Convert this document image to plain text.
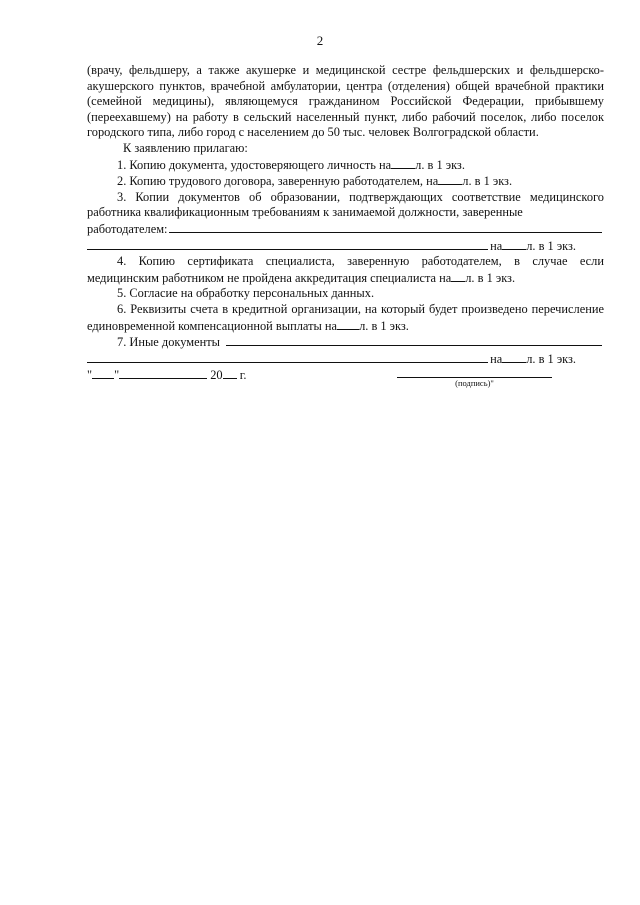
2
(врачу, фельдшеру, а также акушерке и медицинской сестре фельдшерских и фельдшерско-акушерского пунктов, врачебной амбулатории, центра (отделения) общей врачебной практики (семейной медицины), являющемуся гражданином Российской Федерации, прибывшему (переехавшему) на работу в сельский населенный пункт, либо рабочий поселок, либо поселок городского типа, либо город с населением до 50 тыс. человек Волгоградской области.
К заявлению прилагаю:
1. Копию документа, удостоверяющего личность на л. в 1 экз.
2. Копию трудового договора, заверенную работодателем, на л. в 1 экз.
3. Копии документов об образовании, подтверждающих соответствие медицинского работника квалификационным требованиям к занимаемой должности, заверенные
работодателем:
на л. в 1 экз.
4. Копию сертификата специалиста, заверенную работодателем, в случае если медицинским работником не пройдена аккредитация специалиста на л. в 1 экз.
5. Согласие на обработку персональных данных.
6. Реквизиты счета в кредитной организации, на который будет произведено перечисление единовременной компенсационной выплаты на л. в 1 экз.
7. Иные документы
на л. в 1 экз.
" "	20 г.
(подпись)"
